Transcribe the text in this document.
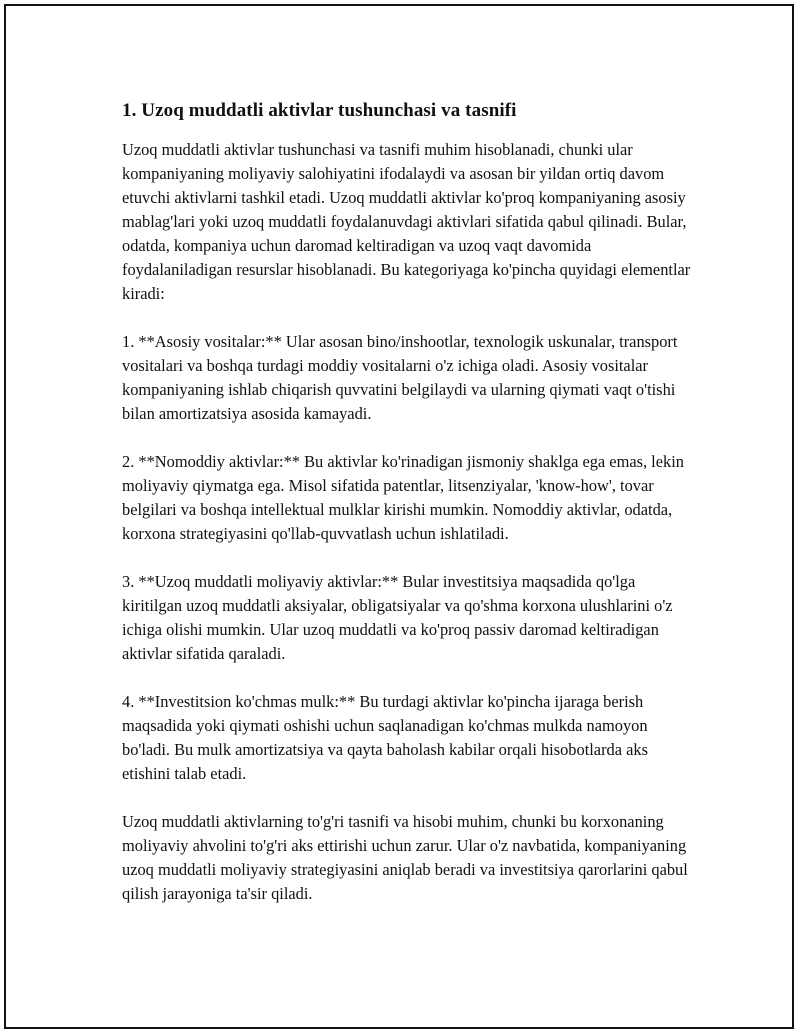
1. Uzoq muddatli aktivlar tushunchasi va tasnifi

Uzoq muddatli aktivlar tushunchasi va tasnifi muhim hisoblanadi, chunki ular kompaniyaning moliyaviy salohiyatini ifodalaydi va asosan bir yildan ortiq davom etuvchi aktivlarni tashkil etadi. Uzoq muddatli aktivlar ko'proq kompaniyaning asosiy mablag'lari yoki uzoq muddatli foydalanuvdagi aktivlari sifatida qabul qilinadi. Bular, odatda, kompaniya uchun daromad keltiradigan va uzoq vaqt davomida foydalaniladigan resurslar hisoblanadi. Bu kategoriyaga ko'pincha quyidagi elementlar kiradi:

1. **Asosiy vositalar:** Ular asosan bino/inshootlar, texnologik uskunalar, transport vositalari va boshqa turdagi moddiy vositalarni o'z ichiga oladi. Asosiy vositalar kompaniyaning ishlab chiqarish quvvatini belgilaydi va ularning qiymati vaqt o'tishi bilan amortizatsiya asosida kamayadi.

2. **Nomoddiy aktivlar:** Bu aktivlar ko'rinadigan jismoniy shaklga ega emas, lekin moliyaviy qiymatga ega. Misol sifatida patentlar, litsenziyalar, 'know-how', tovar belgilari va boshqa intellektual mulklar kirishi mumkin. Nomoddiy aktivlar, odatda, korxona strategiyasini qo'llab-quvvatlash uchun ishlatiladi.

3. **Uzoq muddatli moliyaviy aktivlar:** Bular investitsiya maqsadida qo'lga kiritilgan uzoq muddatli aksiyalar, obligatsiyalar va qo'shma korxona ulushlarini o'z ichiga olishi mumkin. Ular uzoq muddatli va ko'proq passiv daromad keltiradigan aktivlar sifatida qaraladi.

4. **Investitsion ko'chmas mulk:** Bu turdagi aktivlar ko'pincha ijaraga berish maqsadida yoki qiymati oshishi uchun saqlanadigan ko'chmas mulkda namoyon bo'ladi. Bu mulk amortizatsiya va qayta baholash kabilar orqali hisobotlarda aks etishini talab etadi.

Uzoq muddatli aktivlarning to'g'ri tasnifi va hisobi muhim, chunki bu korxonaning moliyaviy ahvolini to'g'ri aks ettirishi uchun zarur. Ular o'z navbatida, kompaniyaning uzoq muddatli moliyaviy strategiyasini aniqlab beradi va investitsiya qarorlarini qabul qilish jarayoniga ta'sir qiladi.
